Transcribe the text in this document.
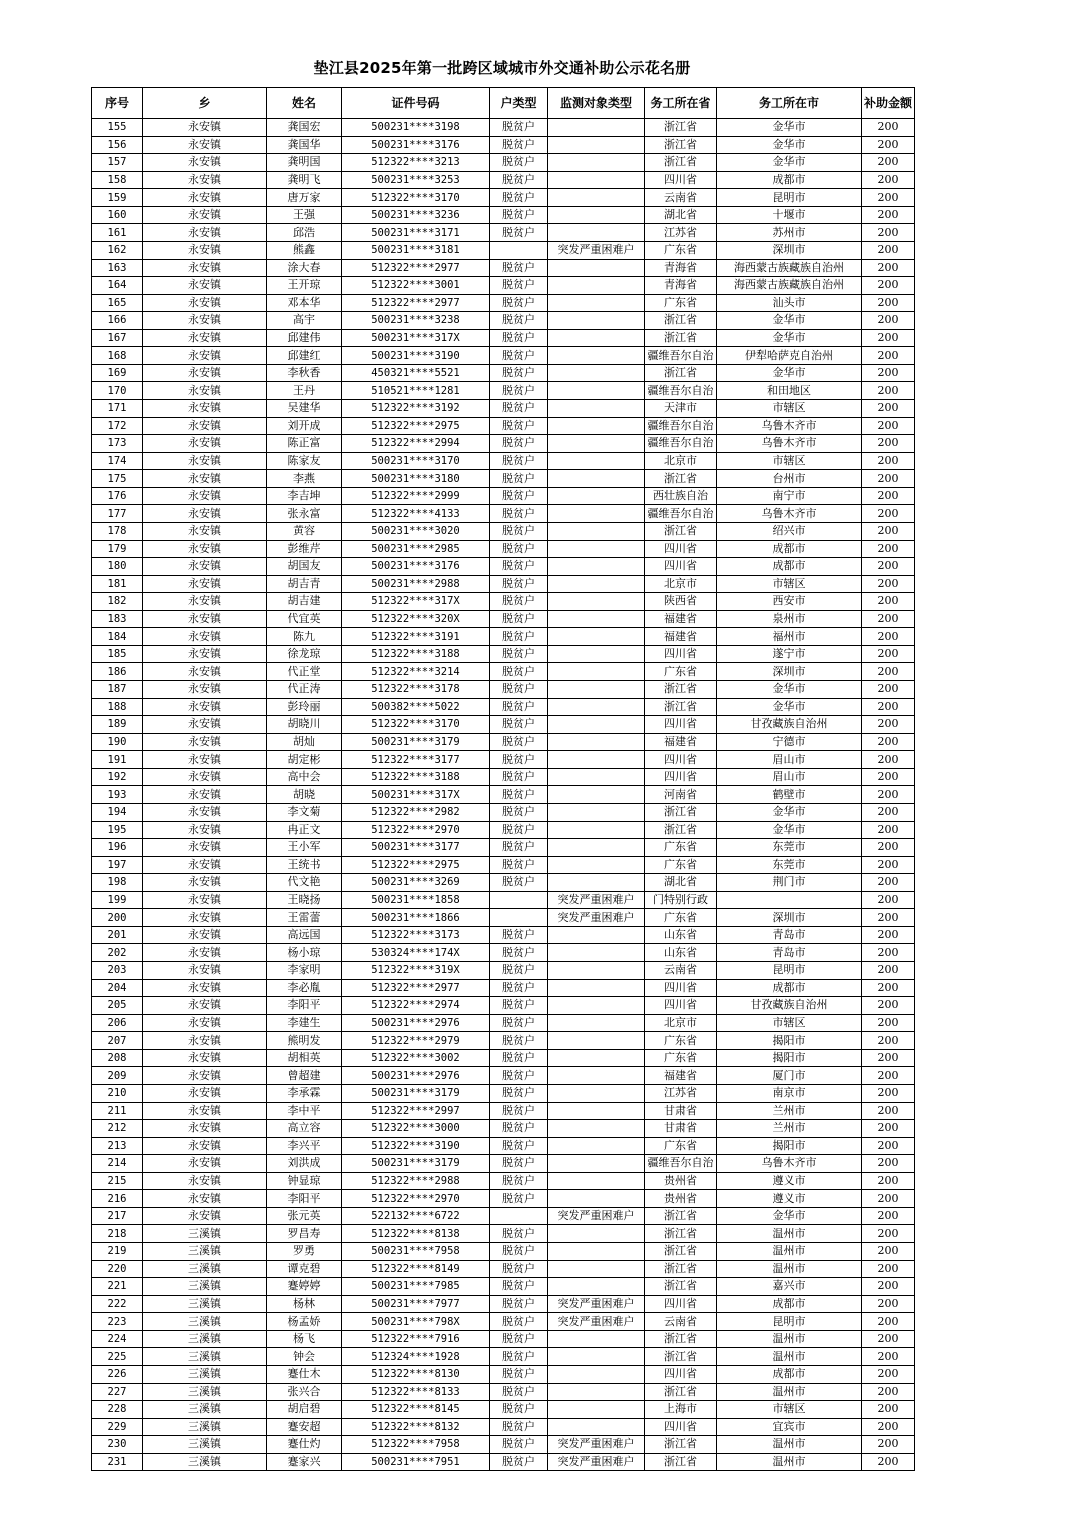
垫江县2025年第一批跨区域城市外交通补助公示花名册
序号	乡	姓名	证件号码	户类型	监测对象类型	务工所在省	务工所在市	补助金额
155	永安镇	龚国宏	500231****3198	脱贫户		浙江省	金华市	200
156	永安镇	龚国华	500231****3176	脱贫户		浙江省	金华市	200
157	永安镇	龚明国	512322****3213	脱贫户		浙江省	金华市	200
158	永安镇	龚明飞	500231****3253	脱贫户		四川省	成都市	200
159	永安镇	唐万家	512322****3170	脱贫户		云南省	昆明市	200
160	永安镇	王强	500231****3236	脱贫户		湖北省	十堰市	200
161	永安镇	邱浩	500231****3171	脱贫户		江苏省	苏州市	200
162	永安镇	熊鑫	500231****3181		突发严重困难户	广东省	深圳市	200
163	永安镇	涂大春	512322****2977	脱贫户		青海省	海西蒙古族藏族自治州	200
164	永安镇	王开琼	512322****3001	脱贫户		青海省	海西蒙古族藏族自治州	200
165	永安镇	邓本华	512322****2977	脱贫户		广东省	汕头市	200
166	永安镇	高宇	500231****3238	脱贫户		浙江省	金华市	200
167	永安镇	邱建伟	500231****317X	脱贫户		浙江省	金华市	200
168	永安镇	邱建红	500231****3190	脱贫户		疆维吾尔自治	伊犁哈萨克自治州	200
169	永安镇	李秋香	450321****5521	脱贫户		浙江省	金华市	200
170	永安镇	王丹	510521****1281	脱贫户		疆维吾尔自治	和田地区	200
171	永安镇	吴建华	512322****3192	脱贫户		天津市	市辖区	200
172	永安镇	刘开成	512322****2975	脱贫户		疆维吾尔自治	乌鲁木齐市	200
173	永安镇	陈正富	512322****2994	脱贫户		疆维吾尔自治	乌鲁木齐市	200
174	永安镇	陈家友	500231****3170	脱贫户		北京市	市辖区	200
175	永安镇	李燕	500231****3180	脱贫户		浙江省	台州市	200
176	永安镇	李吉坤	512322****2999	脱贫户		西壮族自治	南宁市	200
177	永安镇	张永富	512322****4133	脱贫户		疆维吾尔自治	乌鲁木齐市	200
178	永安镇	黄容	500231****3020	脱贫户		浙江省	绍兴市	200
179	永安镇	彭维芹	500231****2985	脱贫户		四川省	成都市	200
180	永安镇	胡国友	500231****3176	脱贫户		四川省	成都市	200
181	永安镇	胡吉青	500231****2988	脱贫户		北京市	市辖区	200
182	永安镇	胡吉建	512322****317X	脱贫户		陕西省	西安市	200
183	永安镇	代宜英	512322****320X	脱贫户		福建省	泉州市	200
184	永安镇	陈九	512322****3191	脱贫户		福建省	福州市	200
185	永安镇	徐龙琼	512322****3188	脱贫户		四川省	遂宁市	200
186	永安镇	代正堂	512322****3214	脱贫户		广东省	深圳市	200
187	永安镇	代正涛	512322****3178	脱贫户		浙江省	金华市	200
188	永安镇	彭玲丽	500382****5022	脱贫户		浙江省	金华市	200
189	永安镇	胡晓川	512322****3170	脱贫户		四川省	甘孜藏族自治州	200
190	永安镇	胡灿	500231****3179	脱贫户		福建省	宁德市	200
191	永安镇	胡定彬	512322****3177	脱贫户		四川省	眉山市	200
192	永安镇	高中会	512322****3188	脱贫户		四川省	眉山市	200
193	永安镇	胡晓	500231****317X	脱贫户		河南省	鹤壁市	200
194	永安镇	李文菊	512322****2982	脱贫户		浙江省	金华市	200
195	永安镇	冉正文	512322****2970	脱贫户		浙江省	金华市	200
196	永安镇	王小军	500231****3177	脱贫户		广东省	东莞市	200
197	永安镇	王统书	512322****2975	脱贫户		广东省	东莞市	200
198	永安镇	代文艳	500231****3269	脱贫户		湖北省	荆门市	200
199	永安镇	王晓扬	500231****1858		突发严重困难户	门特别行政		200
200	永安镇	王雷蕾	500231****1866		突发严重困难户	广东省	深圳市	200
201	永安镇	高远国	512322****3173	脱贫户		山东省	青岛市	200
202	永安镇	杨小琼	530324****174X	脱贫户		山东省	青岛市	200
203	永安镇	李家明	512322****319X	脱贫户		云南省	昆明市	200
204	永安镇	李必胤	512322****2977	脱贫户		四川省	成都市	200
205	永安镇	李阳平	512322****2974	脱贫户		四川省	甘孜藏族自治州	200
206	永安镇	李建生	500231****2976	脱贫户		北京市	市辖区	200
207	永安镇	熊明发	512322****2979	脱贫户		广东省	揭阳市	200
208	永安镇	胡相英	512322****3002	脱贫户		广东省	揭阳市	200
209	永安镇	曾超建	500231****2976	脱贫户		福建省	厦门市	200
210	永安镇	李承霖	500231****3179	脱贫户		江苏省	南京市	200
211	永安镇	李中平	512322****2997	脱贫户		甘肃省	兰州市	200
212	永安镇	高立容	512322****3000	脱贫户		甘肃省	兰州市	200
213	永安镇	李兴平	512322****3190	脱贫户		广东省	揭阳市	200
214	永安镇	刘洪成	500231****3179	脱贫户		疆维吾尔自治	乌鲁木齐市	200
215	永安镇	钟显琼	512322****2988	脱贫户		贵州省	遵义市	200
216	永安镇	李阳平	512322****2970	脱贫户		贵州省	遵义市	200
217	永安镇	张元英	522132****6722		突发严重困难户	浙江省	金华市	200
218	三溪镇	罗昌寿	512322****8138	脱贫户		浙江省	温州市	200
219	三溪镇	罗勇	500231****7958	脱贫户		浙江省	温州市	200
220	三溪镇	谭克碧	512322****8149	脱贫户		浙江省	温州市	200
221	三溪镇	蹇婷婷	500231****7985	脱贫户		浙江省	嘉兴市	200
222	三溪镇	杨林	500231****7977	脱贫户	突发严重困难户	四川省	成都市	200
223	三溪镇	杨孟娇	500231****798X	脱贫户	突发严重困难户	云南省	昆明市	200
224	三溪镇	杨飞	512322****7916	脱贫户		浙江省	温州市	200
225	三溪镇	钟会	512324****1928	脱贫户		浙江省	温州市	200
226	三溪镇	蹇仕木	512322****8130	脱贫户		四川省	成都市	200
227	三溪镇	张兴合	512322****8133	脱贫户		浙江省	温州市	200
228	三溪镇	胡启碧	512322****8145	脱贫户		上海市	市辖区	200
229	三溪镇	蹇安超	512322****8132	脱贫户		四川省	宜宾市	200
230	三溪镇	蹇仕灼	512322****7958	脱贫户	突发严重困难户	浙江省	温州市	200
231	三溪镇	蹇家兴	500231****7951	脱贫户	突发严重困难户	浙江省	温州市	200
